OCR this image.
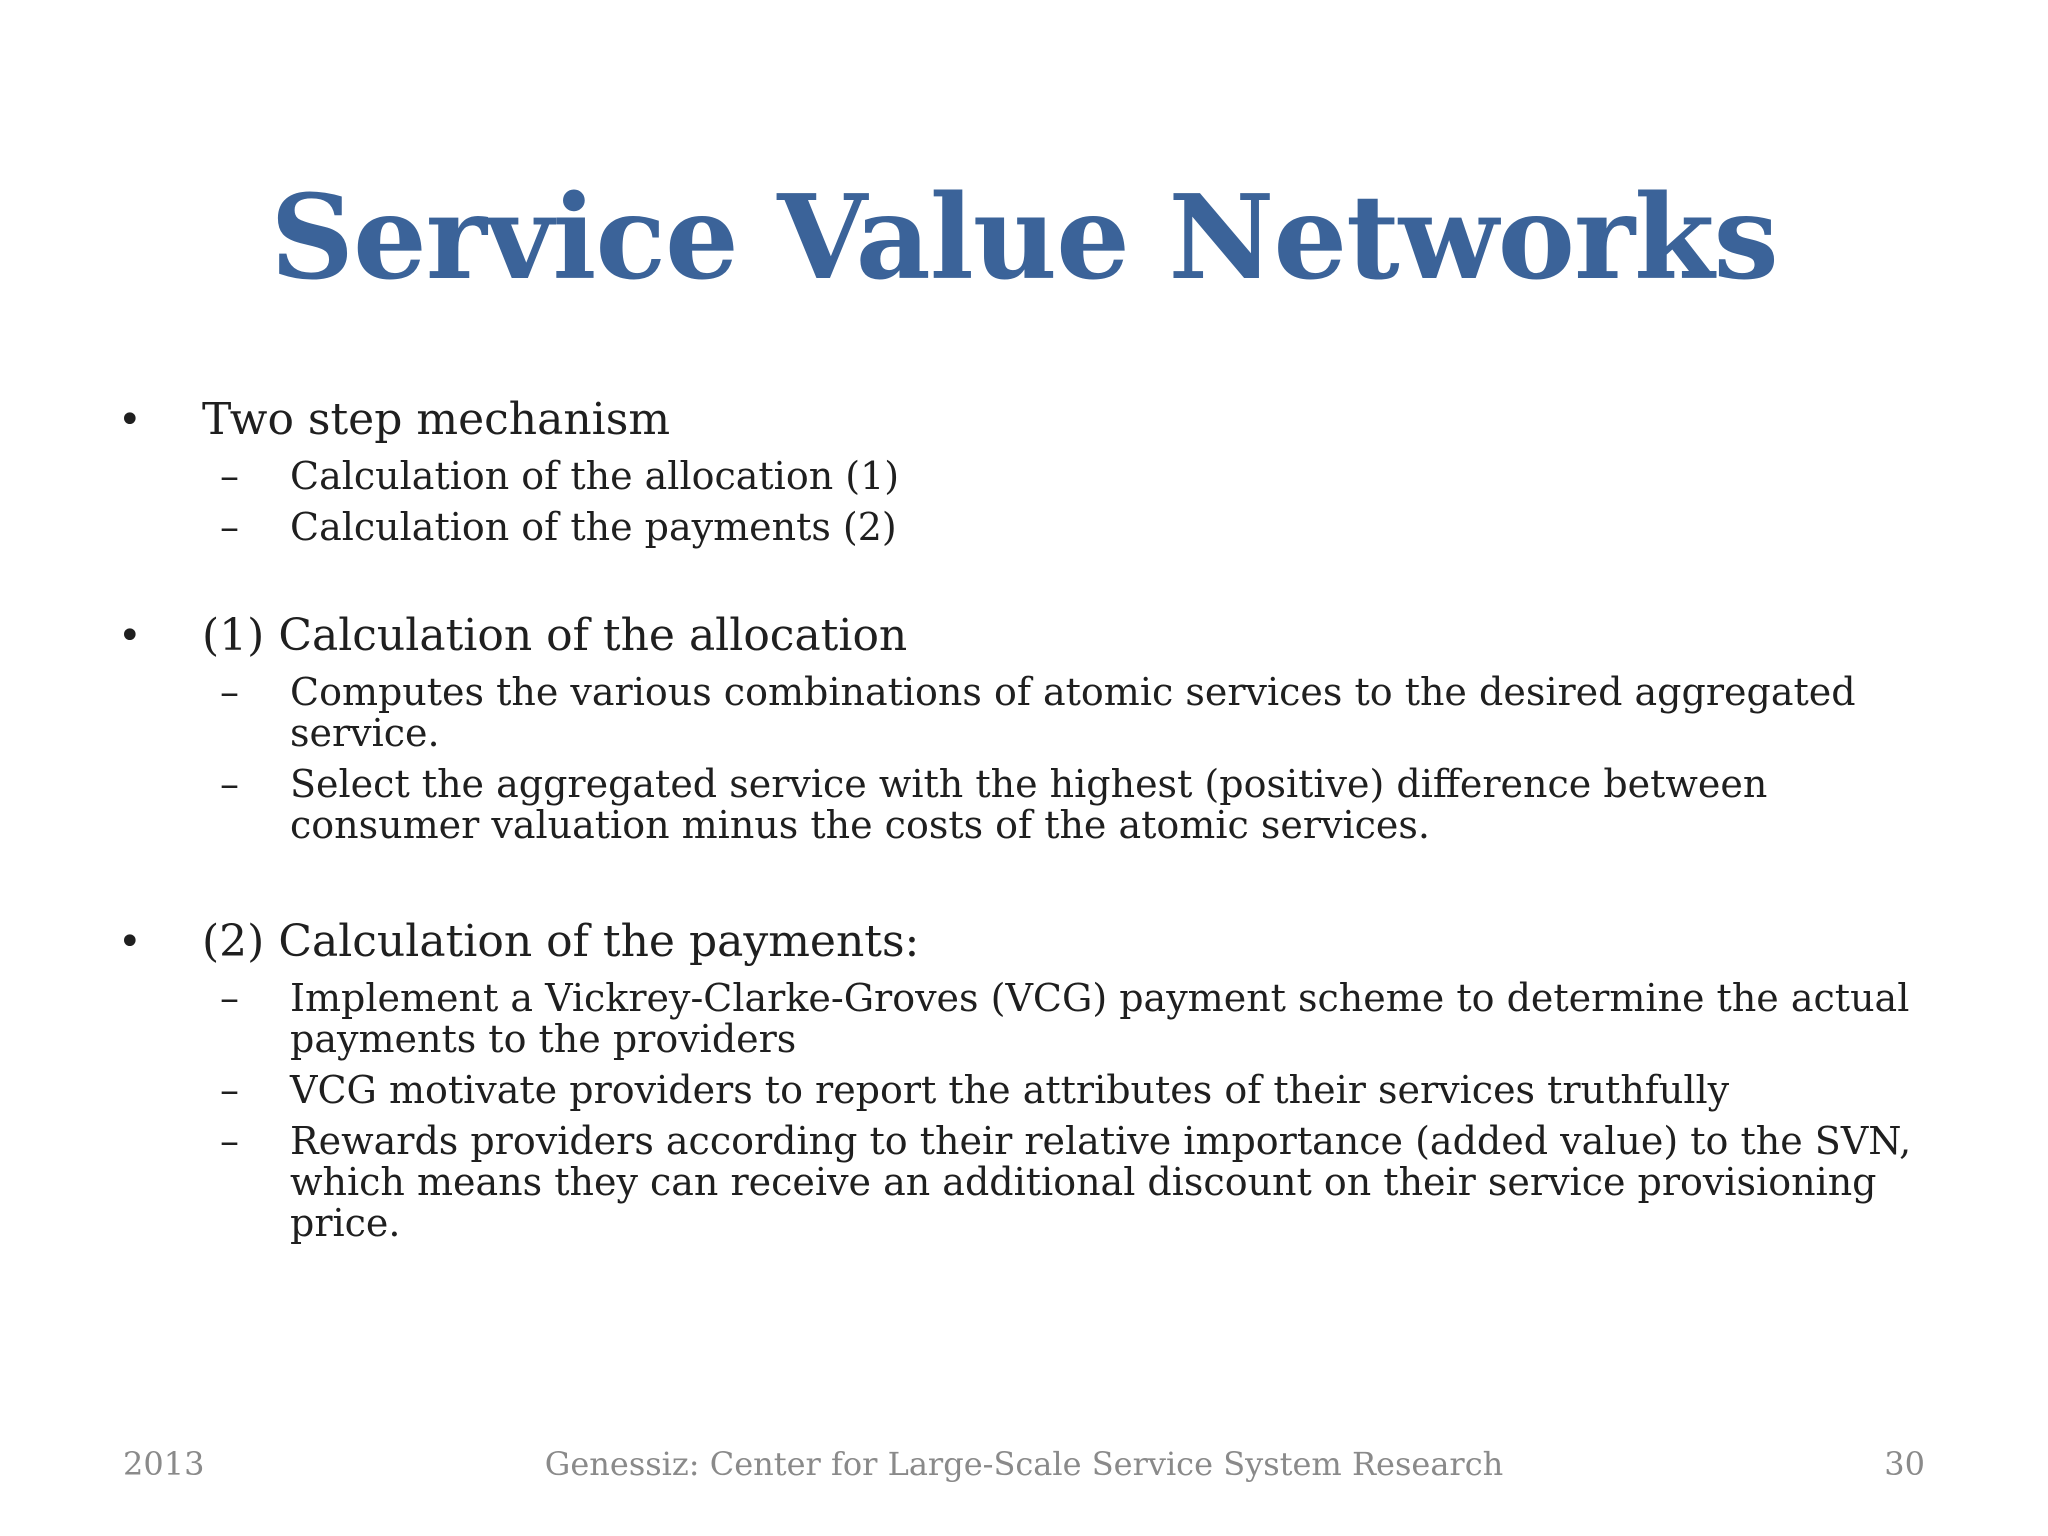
Service Value Networks
• Two step mechanism
– Calculation of the allocation (1)
– Calculation of the payments (2)
• (1) Calculation of the allocation
– Computes the various combinations of atomic services to the desired aggregated service.
– Select the aggregated service with the highest (positive) difference between consumer valuation minus the costs of the atomic services.
• (2) Calculation of the payments:
– Implement a Vickrey-Clarke-Groves (VCG) payment scheme to determine the actual payments to the providers
– VCG motivate providers to report the attributes of their services truthfully
– Rewards providers according to their relative importance (added value) to the SVN, which means they can receive an additional discount on their service provisioning price.
2013	Genessiz: Center for Large-Scale Service System Research	30
